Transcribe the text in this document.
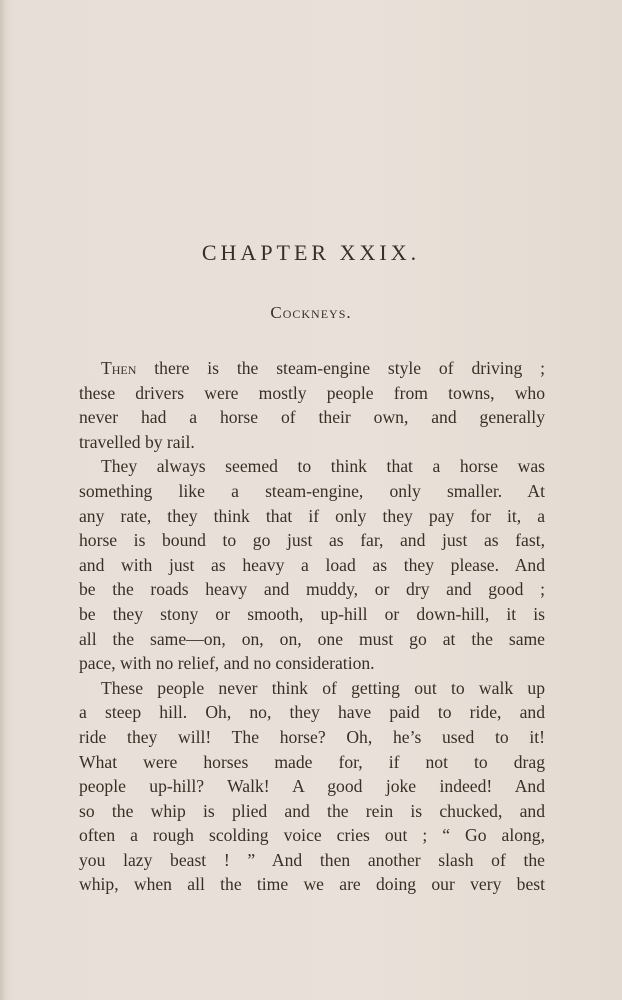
CHAPTER XXIX.
Cockneys.
Then there is the steam-engine style of driving ;
these drivers were mostly people from towns, who
never had a horse of their own, and generally
travelled by rail.
They always seemed to think that a horse was
something like a steam-engine, only smaller. At
any rate, they think that if only they pay for it, a
horse is bound to go just as far, and just as fast,
and with just as heavy a load as they please. And
be the roads heavy and muddy, or dry and good ;
be they stony or smooth, up-hill or down-hill, it is
all the same—on, on, on, one must go at the same
pace, with no relief, and no consideration.
These people never think of getting out to walk up
a steep hill. Oh, no, they have paid to ride, and
ride they will! The horse? Oh, he’s used to it!
What were horses made for, if not to drag
people up-hill? Walk! A good joke indeed! And
so the whip is plied and the rein is chucked, and
often a rough scolding voice cries out ; “ Go along,
you lazy beast ! ” And then another slash of the
whip, when all the time we are doing our very best
